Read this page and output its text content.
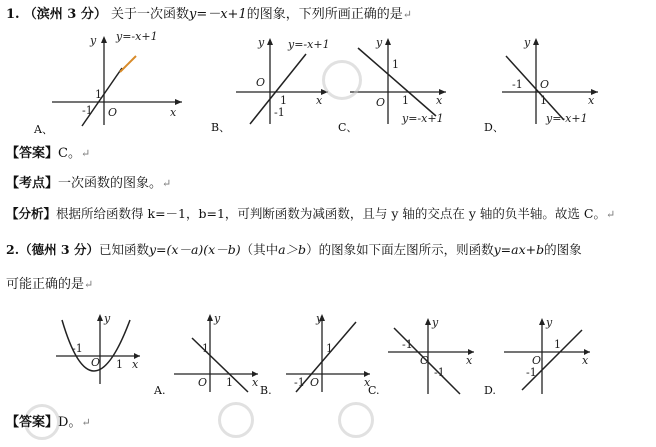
1. （滨州 3 分） 关于一次函数y=－x+1的图象，下列所画正确的是↵
y y=-x+1
-1
1
O	x
A、
y y=-x+1
O
1
-1
x
B、
y
1
1
O	x
y=-x+1
C、
y
-1 O
1	x
y=-x+1
D、
【答案】C。↵
【考点】一次函数的图象。↵
【分析】根据所给函数得 k=－1，b=1，可判断函数为减函数，且与 y 轴的交点在 y 轴的负半轴。故选 C。↵
2.（德州 3 分）已知函数y=(x－a)(x－b)（其中a＞b）的图象如下面左图所示，则函数y=ax+b的图象
可能正确的是↵
y
-1
O 1 x
y
1
O 1 x
A.
y
-1 O
1
x
B.
y
-1
O
-1
x
C.
y
1
O
-1
x
D.
【答案】D。↵
